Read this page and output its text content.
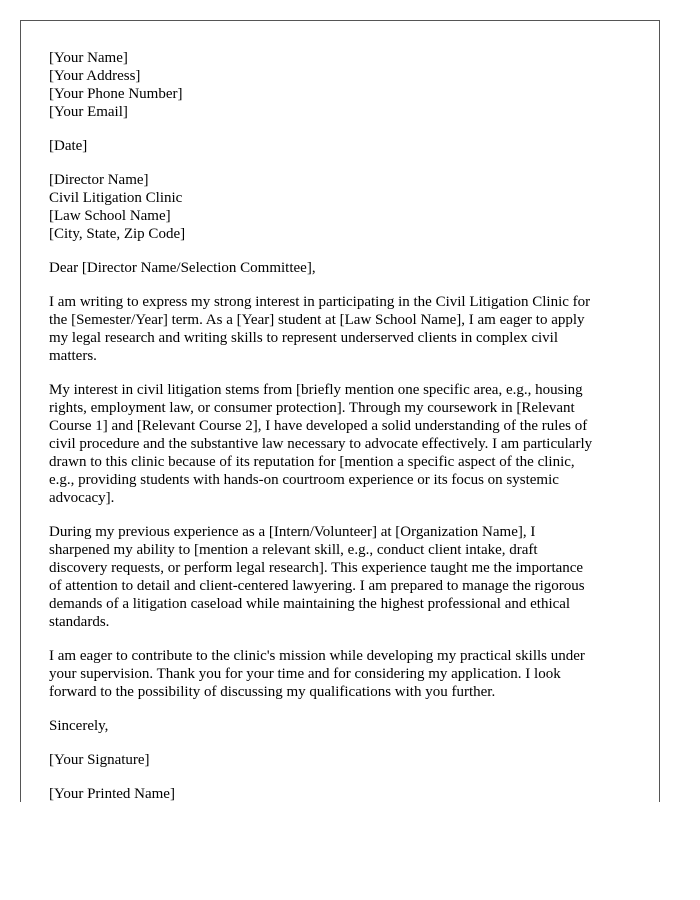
[Your Name]
[Your Address]
[Your Phone Number]
[Your Email]
[Date]
[Director Name]
Civil Litigation Clinic
[Law School Name]
[City, State, Zip Code]
Dear [Director Name/Selection Committee],
I am writing to express my strong interest in participating in the Civil Litigation Clinic for
the [Semester/Year] term. As a [Year] student at [Law School Name], I am eager to apply
my legal research and writing skills to represent underserved clients in complex civil
matters.
My interest in civil litigation stems from [briefly mention one specific area, e.g., housing
rights, employment law, or consumer protection]. Through my coursework in [Relevant
Course 1] and [Relevant Course 2], I have developed a solid understanding of the rules of
civil procedure and the substantive law necessary to advocate effectively. I am particularly
drawn to this clinic because of its reputation for [mention a specific aspect of the clinic,
e.g., providing students with hands-on courtroom experience or its focus on systemic
advocacy].
During my previous experience as a [Intern/Volunteer] at [Organization Name], I
sharpened my ability to [mention a relevant skill, e.g., conduct client intake, draft
discovery requests, or perform legal research]. This experience taught me the importance
of attention to detail and client-centered lawyering. I am prepared to manage the rigorous
demands of a litigation caseload while maintaining the highest professional and ethical
standards.
I am eager to contribute to the clinic's mission while developing my practical skills under
your supervision. Thank you for your time and for considering my application. I look
forward to the possibility of discussing my qualifications with you further.
Sincerely,
[Your Signature]
[Your Printed Name]
